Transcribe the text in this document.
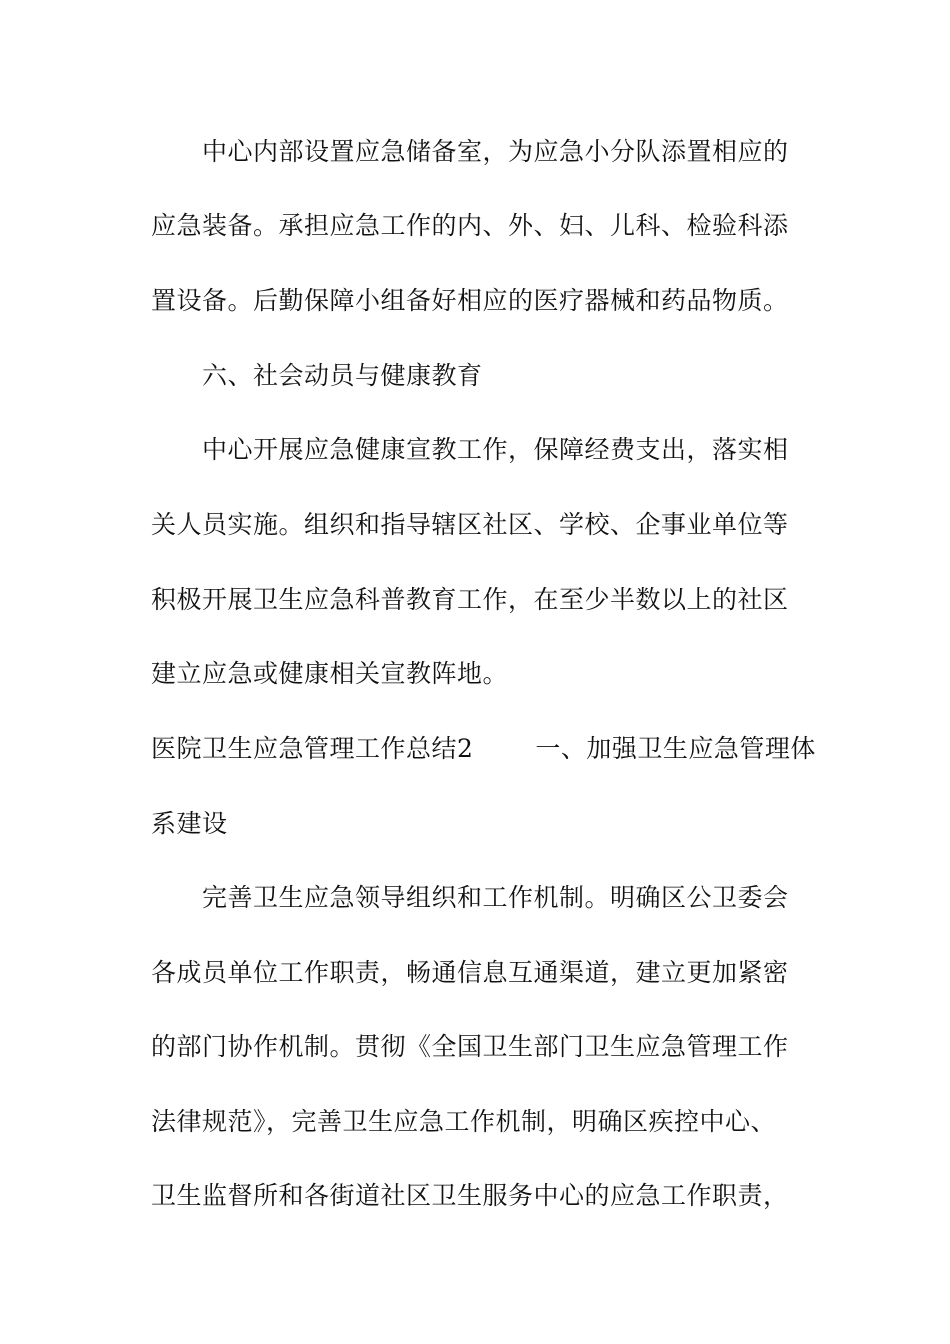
中心内部设置应急储备室，为应急小分队添置相应的
应急装备。承担应急工作的内、外、妇、儿科、检验科添
置设备。后勤保障小组备好相应的医疗器械和药品物质。
六、社会动员与健康教育
中心开展应急健康宣教工作，保障经费支出，落实相
关人员实施。组织和指导辖区社区、学校、企事业单位等
积极开展卫生应急科普教育工作，在至少半数以上的社区
建立应急或健康相关宣教阵地。
医院卫生应急管理工作总结2 一、加强卫生应急管理体
系建设
完善卫生应急领导组织和工作机制。明确区公卫委会
各成员单位工作职责，畅通信息互通渠道，建立更加紧密
的部门协作机制。贯彻《全国卫生部门卫生应急管理工作
法律规范》，完善卫生应急工作机制，明确区疾控中心、
卫生监督所和各街道社区卫生服务中心的应急工作职责，
